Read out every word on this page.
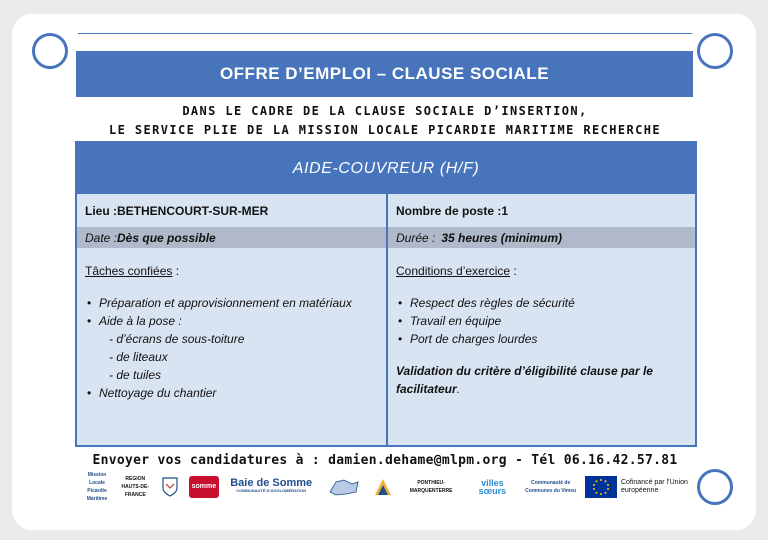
OFFRE D’EMPLOI – CLAUSE SOCIALE
DANS LE CADRE DE LA CLAUSE SOCIALE D’INSERTION,
LE SERVICE PLIE DE LA MISSION LOCALE PICARDIE MARITIME RECHERCHE
AIDE-COUVREUR (H/F)
Lieu : BETHENCOURT-SUR-MER	Nombre de poste : 1
Date : Dès que possible	Durée : 35 heures (minimum)
Tâches confiées :
• Préparation et approvisionnement en matériaux
• Aide à la pose :
- d’écrans de sous-toiture
- de liteaux
- de tuiles
• Nettoyage du chantier
Conditions d’exercice :
• Respect des règles de sécurité
• Travail en équipe
• Port de charges lourdes
Validation du critère d’éligibilité clause par le facilitateur.
Envoyer vos candidatures à : damien.dehame@mlpm.org - Tél 06.16.42.57.81
Mission Locale Picardie Maritime
REGION HAUTS-DE-FRANCE
somme Baie de Somme
COMMUNAUTÉ D'AGGLOMÉRATION
PONTHIEU-MARQUENTERRE
villes sœurs
Communauté de Communes du Vimeu
Cofinancé par l’Union européenne
